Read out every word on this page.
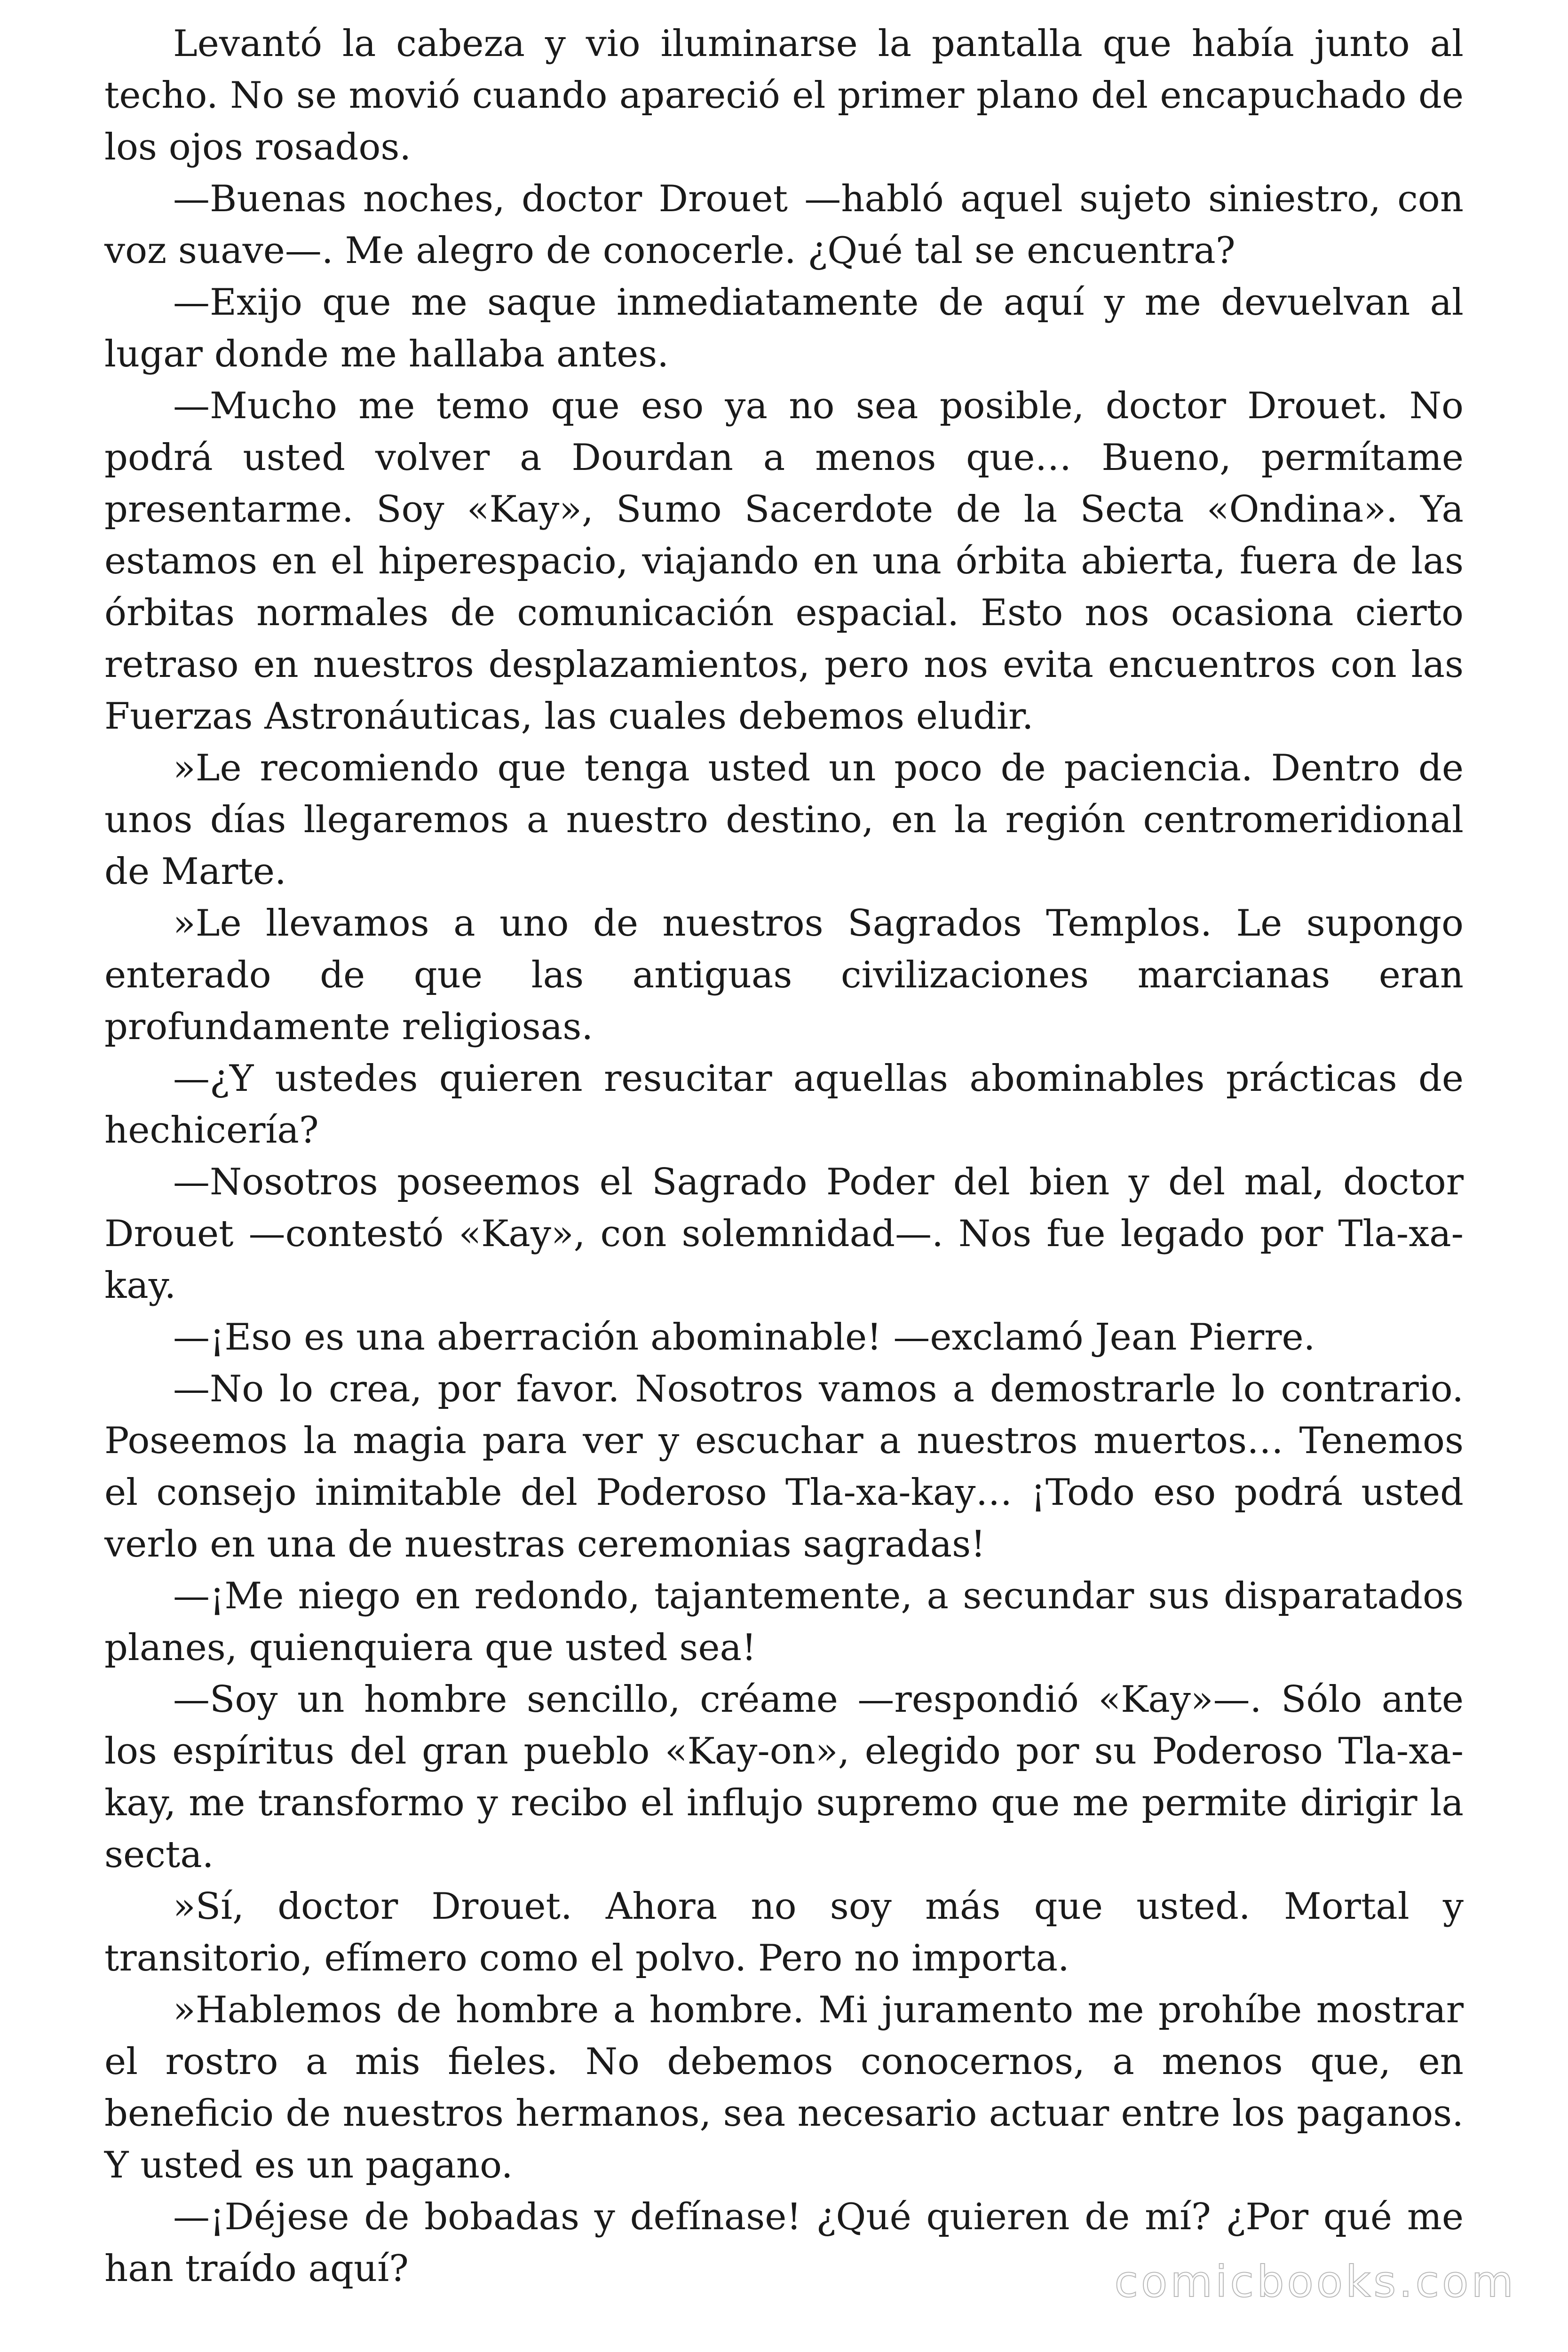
Levantó la cabeza y vio iluminarse la pantalla que había junto al techo. No se movió cuando apareció el primer plano del encapuchado de los ojos rosados.

—Buenas noches, doctor Drouet —habló aquel sujeto siniestro, con voz suave—. Me alegro de conocerle. ¿Qué tal se encuentra?

—Exijo que me saque inmediatamente de aquí y me devuelvan al lugar donde me hallaba antes.

—Mucho me temo que eso ya no sea posible, doctor Drouet. No podrá usted volver a Dourdan a menos que… Bueno, permítame presentarme. Soy «Kay», Sumo Sacerdote de la Secta «Ondina». Ya estamos en el hiperespacio, viajando en una órbita abierta, fuera de las órbitas normales de comunicación espacial. Esto nos ocasiona cierto retraso en nuestros desplazamientos, pero nos evita encuentros con las Fuerzas Astronáuticas, las cuales debemos eludir.

»Le recomiendo que tenga usted un poco de paciencia. Dentro de unos días llegaremos a nuestro destino, en la región centromeridional de Marte.

»Le llevamos a uno de nuestros Sagrados Templos. Le supongo enterado de que las antiguas civilizaciones marcianas eran profundamente religiosas.

—¿Y ustedes quieren resucitar aquellas abominables prácticas de hechicería?

—Nosotros poseemos el Sagrado Poder del bien y del mal, doctor Drouet —contestó «Kay», con solemnidad—. Nos fue legado por Tla-xa-kay.

—¡Eso es una aberración abominable! —exclamó Jean Pierre.

—No lo crea, por favor. Nosotros vamos a demostrarle lo contrario. Poseemos la magia para ver y escuchar a nuestros muertos… Tenemos el consejo inimitable del Poderoso Tla-xa-kay… ¡Todo eso podrá usted verlo en una de nuestras ceremonias sagradas!

—¡Me niego en redondo, tajantemente, a secundar sus disparatados planes, quienquiera que usted sea!

—Soy un hombre sencillo, créame —respondió «Kay»—. Sólo ante los espíritus del gran pueblo «Kay-on», elegido por su Poderoso Tla-xa-kay, me transformo y recibo el influjo supremo que me permite dirigir la secta.

»Sí, doctor Drouet. Ahora no soy más que usted. Mortal y transitorio, efímero como el polvo. Pero no importa.

»Hablemos de hombre a hombre. Mi juramento me prohíbe mostrar el rostro a mis fieles. No debemos conocernos, a menos que, en beneficio de nuestros hermanos, sea necesario actuar entre los paganos. Y usted es un pagano.

—¡Déjese de bobadas y defínase! ¿Qué quieren de mí? ¿Por qué me han traído aquí?	comicbooks.com
